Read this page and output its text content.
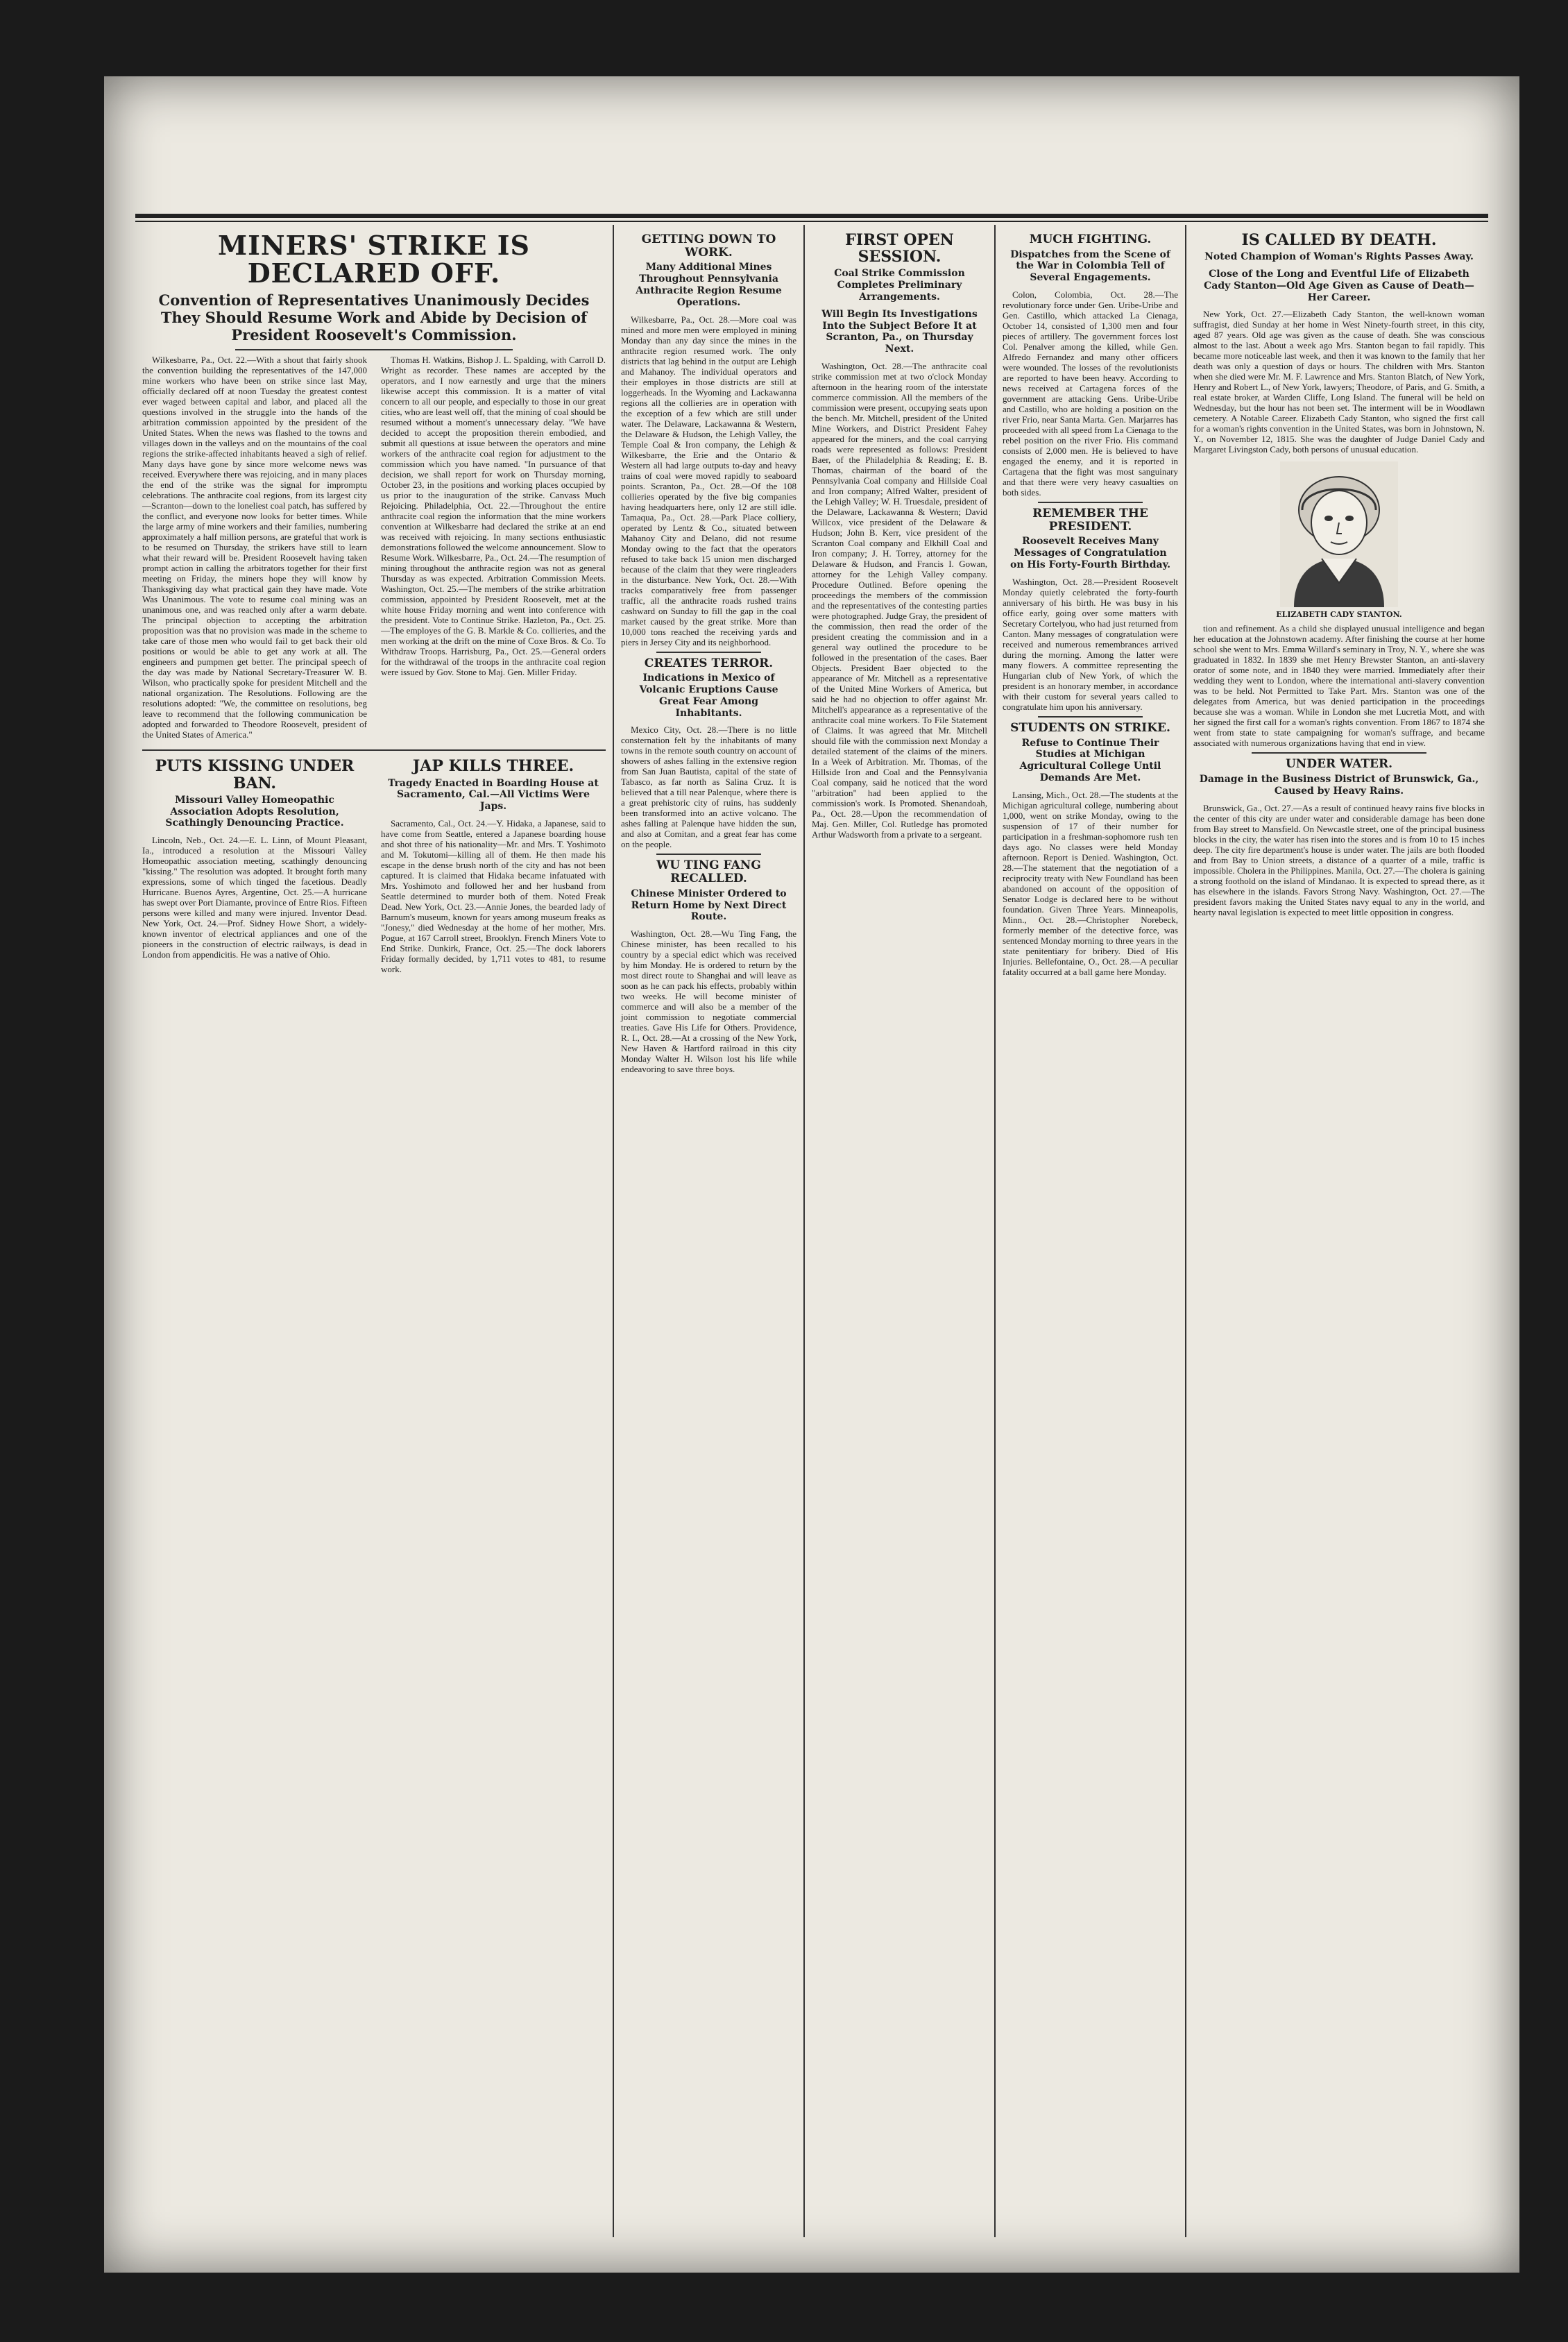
MINERS' STRIKE IS DECLARED OFF.
Convention of Representatives Unanimously Decides They Should Resume Work and Abide by Decision of President Roosevelt's Commission.

Wilkesbarre, Pa., Oct. 22.—With a shout that fairly shook the convention building the representatives of the 147,000 mine workers who have been on strike since last May, officially declared off at noon Tuesday the greatest contest ever waged between capital and labor, and placed all the questions involved in the struggle into the hands of the arbitration commission appointed by the president of the United States. When the news was flashed to the towns and villages down in the valleys and on the mountains of the coal regions the strike-affected inhabitants heaved a sigh of relief. Many days have gone by since more welcome news was received. Everywhere there was rejoicing, and in many places the end of the strike was the signal for impromptu celebrations. The anthracite coal regions, from its largest city—Scranton—down to the loneliest coal patch, has suffered by the conflict, and everyone now looks for better times. While the large army of mine workers and their families, numbering approximately a half million persons, are grateful that work is to be resumed on Thursday, the strikers have still to learn what their reward will be. President Roosevelt having taken prompt action in calling the arbitrators together for their first meeting on Friday, the miners hope they will know by Thanksgiving day what practical gain they have made. Vote Was Unanimous. The vote to resume coal mining was an unanimous one, and was reached only after a warm debate. The principal objection to accepting the arbitration proposition was that no provision was made in the scheme to take care of those men who would fail to get back their old positions or would be able to get any work at all. The engineers and pumpmen get better. The principal speech of the day was made by National Secretary-Treasurer W. B. Wilson, who practically spoke for president Mitchell and the national organization. The Resolutions. Following are the resolutions adopted: "We, the committee on resolutions, beg leave to recommend that the following communication be adopted and forwarded to Theodore Roosevelt, president of the United States of America."

Thomas H. Watkins, Bishop J. L. Spalding, with Carroll D. Wright as recorder. These names are accepted by the operators, and I now earnestly and urge that the miners likewise accept this commission. It is a matter of vital concern to all our people, and especially to those in our great cities, who are least well off, that the mining of coal should be resumed without a moment's unnecessary delay. "We have decided to accept the proposition therein embodied, and submit all questions at issue between the operators and mine workers of the anthracite coal region for adjustment to the commission which you have named. "In pursuance of that decision, we shall report for work on Thursday morning, October 23, in the positions and working places occupied by us prior to the inauguration of the strike. Canvass Much Rejoicing. Philadelphia, Oct. 22.—Throughout the entire anthracite coal region the information that the mine workers convention at Wilkesbarre had declared the strike at an end was received with rejoicing. In many sections enthusiastic demonstrations followed the welcome announcement. Slow to Resume Work. Wilkesbarre, Pa., Oct. 24.—The resumption of mining throughout the anthracite region was not as general Thursday as was expected. Arbitration Commission Meets. Washington, Oct. 25.—The members of the strike arbitration commission, appointed by President Roosevelt, met at the white house Friday morning and went into conference with the president. Vote to Continue Strike. Hazleton, Pa., Oct. 25.—The employes of the G. B. Markle & Co. collieries, and the men working at the drift on the mine of Coxe Bros. & Co. To Withdraw Troops. Harrisburg, Pa., Oct. 25.—General orders for the withdrawal of the troops in the anthracite coal region were issued by Gov. Stone to Maj. Gen. Miller Friday.

PUTS KISSING UNDER BAN.
Missouri Valley Homeopathic Association Adopts Resolution, Scathingly Denouncing Practice.

Lincoln, Neb., Oct. 24.—E. L. Linn, of Mount Pleasant, Ia., introduced a resolution at the Missouri Valley Homeopathic association meeting, scathingly denouncing "kissing." The resolution was adopted. It brought forth many expressions, some of which tinged the facetious. Deadly Hurricane. Buenos Ayres, Argentine, Oct. 25.—A hurricane has swept over Port Diamante, province of Entre Rios. Fifteen persons were killed and many were injured. Inventor Dead. New York, Oct. 24.—Prof. Sidney Howe Short, a widely-known inventor of electrical appliances and one of the pioneers in the construction of electric railways, is dead in London from appendicitis. He was a native of Ohio.

JAP KILLS THREE.
Tragedy Enacted in Boarding House at Sacramento, Cal.—All Victims Were Japs.

Sacramento, Cal., Oct. 24.—Y. Hidaka, a Japanese, said to have come from Seattle, entered a Japanese boarding house and shot three of his nationality—Mr. and Mrs. T. Yoshimoto and M. Tokutomi—killing all of them. He then made his escape in the dense brush north of the city and has not been captured. It is claimed that Hidaka became infatuated with Mrs. Yoshimoto and followed her and her husband from Seattle determined to murder both of them. Noted Freak Dead. New York, Oct. 23.—Annie Jones, the bearded lady of Barnum's museum, known for years among museum freaks as "Jonesy," died Wednesday at the home of her mother, Mrs. Pogue, at 167 Carroll street, Brooklyn. French Miners Vote to End Strike. Dunkirk, France, Oct. 25.—The dock laborers Friday formally decided, by 1,711 votes to 481, to resume work.

GETTING DOWN TO WORK.
Many Additional Mines Throughout Pennsylvania Anthracite Region Resume Operations.

Wilkesbarre, Pa., Oct. 28.—More coal was mined and more men were employed in mining Monday than any day since the mines in the anthracite region resumed work. The only districts that lag behind in the output are Lehigh and Mahanoy. The individual operators and their employes in those districts are still at loggerheads. In the Wyoming and Lackawanna regions all the collieries are in operation with the exception of a few which are still under water. The Delaware, Lackawanna & Western, the Delaware & Hudson, the Lehigh Valley, the Temple Coal & Iron company, the Lehigh & Wilkesbarre, the Erie and the Ontario & Western all had large outputs to-day and heavy trains of coal were moved rapidly to seaboard points. Scranton, Pa., Oct. 28.—Of the 108 collieries operated by the five big companies having headquarters here, only 12 are still idle. Tamaqua, Pa., Oct. 28.—Park Place colliery, operated by Lentz & Co., situated between Mahanoy City and Delano, did not resume Monday owing to the fact that the operators refused to take back 15 union men discharged because of the claim that they were ringleaders in the disturbance. New York, Oct. 28.—With tracks comparatively free from passenger traffic, all the anthracite roads rushed trains cashward on Sunday to fill the gap in the coal market caused by the great strike. More than 10,000 tons reached the receiving yards and piers in Jersey City and its neighborhood.

CREATES TERROR.
Indications in Mexico of Volcanic Eruptions Cause Great Fear Among Inhabitants.

Mexico City, Oct. 28.—There is no little consternation felt by the inhabitants of many towns in the remote south country on account of showers of ashes falling in the extensive region from San Juan Bautista, capital of the state of Tabasco, as far north as Salina Cruz. It is believed that a till near Palenque, where there is a great prehistoric city of ruins, has suddenly been transformed into an active volcano. The ashes falling at Palenque have hidden the sun, and also at Comitan, and a great fear has come on the people.

WU TING FANG RECALLED.
Chinese Minister Ordered to Return Home by Next Direct Route.

Washington, Oct. 28.—Wu Ting Fang, the Chinese minister, has been recalled to his country by a special edict which was received by him Monday. He is ordered to return by the most direct route to Shanghai and will leave as soon as he can pack his effects, probably within two weeks. He will become minister of commerce and will also be a member of the joint commission to negotiate commercial treaties. Gave His Life for Others. Providence, R. I., Oct. 28.—At a crossing of the New York, New Haven & Hartford railroad in this city Monday Walter H. Wilson lost his life while endeavoring to save three boys.

FIRST OPEN SESSION.
Coal Strike Commission Completes Preliminary Arrangements.
Will Begin Its Investigations Into the Subject Before It at Scranton, Pa., on Thursday Next.

Washington, Oct. 28.—The anthracite coal strike commission met at two o'clock Monday afternoon in the hearing room of the interstate commerce commission. All the members of the commission were present, occupying seats upon the bench. Mr. Mitchell, president of the United Mine Workers, and District President Fahey appeared for the miners, and the coal carrying roads were represented as follows: President Baer, of the Philadelphia & Reading; E. B. Thomas, chairman of the board of the Pennsylvania Coal company and Hillside Coal and Iron company; Alfred Walter, president of the Lehigh Valley; W. H. Truesdale, president of the Delaware, Lackawanna & Western; David Willcox, vice president of the Delaware & Hudson; John B. Kerr, vice president of the Scranton Coal company and Elkhill Coal and Iron company; J. H. Torrey, attorney for the Delaware & Hudson, and Francis I. Gowan, attorney for the Lehigh Valley company. Procedure Outlined. Before opening the proceedings the members of the commission and the representatives of the contesting parties were photographed. Judge Gray, the president of the commission, then read the order of the president creating the commission and in a general way outlined the procedure to be followed in the presentation of the cases. Baer Objects. President Baer objected to the appearance of Mr. Mitchell as a representative of the United Mine Workers of America, but said he had no objection to offer against Mr. Mitchell's appearance as a representative of the anthracite coal mine workers. To File Statement of Claims. It was agreed that Mr. Mitchell should file with the commission next Monday a detailed statement of the claims of the miners. In a Week of Arbitration. Mr. Thomas, of the Hillside Iron and Coal and the Pennsylvania Coal company, said he noticed that the word "arbitration" had been applied to the commission's work. Is Promoted. Shenandoah, Pa., Oct. 28.—Upon the recommendation of Maj. Gen. Miller, Col. Rutledge has promoted Arthur Wadsworth from a private to a sergeant.

MUCH FIGHTING.
Dispatches from the Scene of the War in Colombia Tell of Several Engagements.

Colon, Colombia, Oct. 28.—The revolutionary force under Gen. Uribe-Uribe and Gen. Castillo, which attacked La Cienaga, October 14, consisted of 1,300 men and four pieces of artillery. The government forces lost Col. Penalver among the killed, while Gen. Alfredo Fernandez and many other officers were wounded. The losses of the revolutionists are reported to have been heavy. According to news received at Cartagena forces of the government are attacking Gens. Uribe-Uribe and Castillo, who are holding a position on the river Frio, near Santa Marta. Gen. Marjarres has proceeded with all speed from La Cienaga to the rebel position on the river Frio. His command consists of 2,000 men. He is believed to have engaged the enemy, and it is reported in Cartagena that the fight was most sanguinary and that there were very heavy casualties on both sides.

REMEMBER THE PRESIDENT.
Roosevelt Receives Many Messages of Congratulation on His Forty-Fourth Birthday.

Washington, Oct. 28.—President Roosevelt Monday quietly celebrated the forty-fourth anniversary of his birth. He was busy in his office early, going over some matters with Secretary Cortelyou, who had just returned from Canton. Many messages of congratulation were received and numerous remembrances arrived during the morning. Among the latter were many flowers. A committee representing the Hungarian club of New York, of which the president is an honorary member, in accordance with their custom for several years called to congratulate him upon his anniversary.

STUDENTS ON STRIKE.
Refuse to Continue Their Studies at Michigan Agricultural College Until Demands Are Met.

Lansing, Mich., Oct. 28.—The students at the Michigan agricultural college, numbering about 1,000, went on strike Monday, owing to the suspension of 17 of their number for participation in a freshman-sophomore rush ten days ago. No classes were held Monday afternoon. Report is Denied. Washington, Oct. 28.—The statement that the negotiation of a reciprocity treaty with New Foundland has been abandoned on account of the opposition of Senator Lodge is declared here to be without foundation. Given Three Years. Minneapolis, Minn., Oct. 28.—Christopher Norebeck, formerly member of the detective force, was sentenced Monday morning to three years in the state penitentiary for bribery. Died of His Injuries. Bellefontaine, O., Oct. 28.—A peculiar fatality occurred at a ball game here Monday.

IS CALLED BY DEATH.
Noted Champion of Woman's Rights Passes Away.
Close of the Long and Eventful Life of Elizabeth Cady Stanton—Old Age Given as Cause of Death—Her Career.

New York, Oct. 27.—Elizabeth Cady Stanton, the well-known woman suffragist, died Sunday at her home in West Ninety-fourth street, in this city, aged 87 years. Old age was given as the cause of death. She was conscious almost to the last. About a week ago Mrs. Stanton began to fail rapidly. This became more noticeable last week, and then it was known to the family that her death was only a question of days or hours. The children with Mrs. Stanton when she died were Mr. M. F. Lawrence and Mrs. Stanton Blatch, of New York, Henry and Robert L., of New York, lawyers; Theodore, of Paris, and G. Smith, a real estate broker, at Warden Cliffe, Long Island. The funeral will be held on Wednesday, but the hour has not been set. The interment will be in Woodlawn cemetery. A Notable Career. Elizabeth Cady Stanton, who signed the first call for a woman's rights convention in the United States, was born in Johnstown, N. Y., on November 12, 1815. She was the daughter of Judge Daniel Cady and Margaret Livingston Cady, both persons of unusual education.

ELIZABETH CADY STANTON.

tion and refinement. As a child she displayed unusual intelligence and began her education at the Johnstown academy. After finishing the course at her home school she went to Mrs. Emma Willard's seminary in Troy, N. Y., where she was graduated in 1832. In 1839 she met Henry Brewster Stanton, an anti-slavery orator of some note, and in 1840 they were married. Immediately after their wedding they went to London, where the international anti-slavery convention was to be held. Not Permitted to Take Part. Mrs. Stanton was one of the delegates from America, but was denied participation in the proceedings because she was a woman. While in London she met Lucretia Mott, and with her signed the first call for a woman's rights convention. From 1867 to 1874 she went from state to state campaigning for woman's suffrage, and became associated with numerous organizations having that end in view.

UNDER WATER.
Damage in the Business District of Brunswick, Ga., Caused by Heavy Rains.

Brunswick, Ga., Oct. 27.—As a result of continued heavy rains five blocks in the center of this city are under water and considerable damage has been done from Bay street to Mansfield. On Newcastle street, one of the principal business blocks in the city, the water has risen into the stores and is from 10 to 15 inches deep. The city fire department's house is under water. The jails are both flooded and from Bay to Union streets, a distance of a quarter of a mile, traffic is impossible. Cholera in the Philippines. Manila, Oct. 27.—The cholera is gaining a strong foothold on the island of Mindanao. It is expected to spread there, as it has elsewhere in the islands. Favors Strong Navy. Washington, Oct. 27.—The president favors making the United States navy equal to any in the world, and hearty naval legislation is expected to meet little opposition in congress.
